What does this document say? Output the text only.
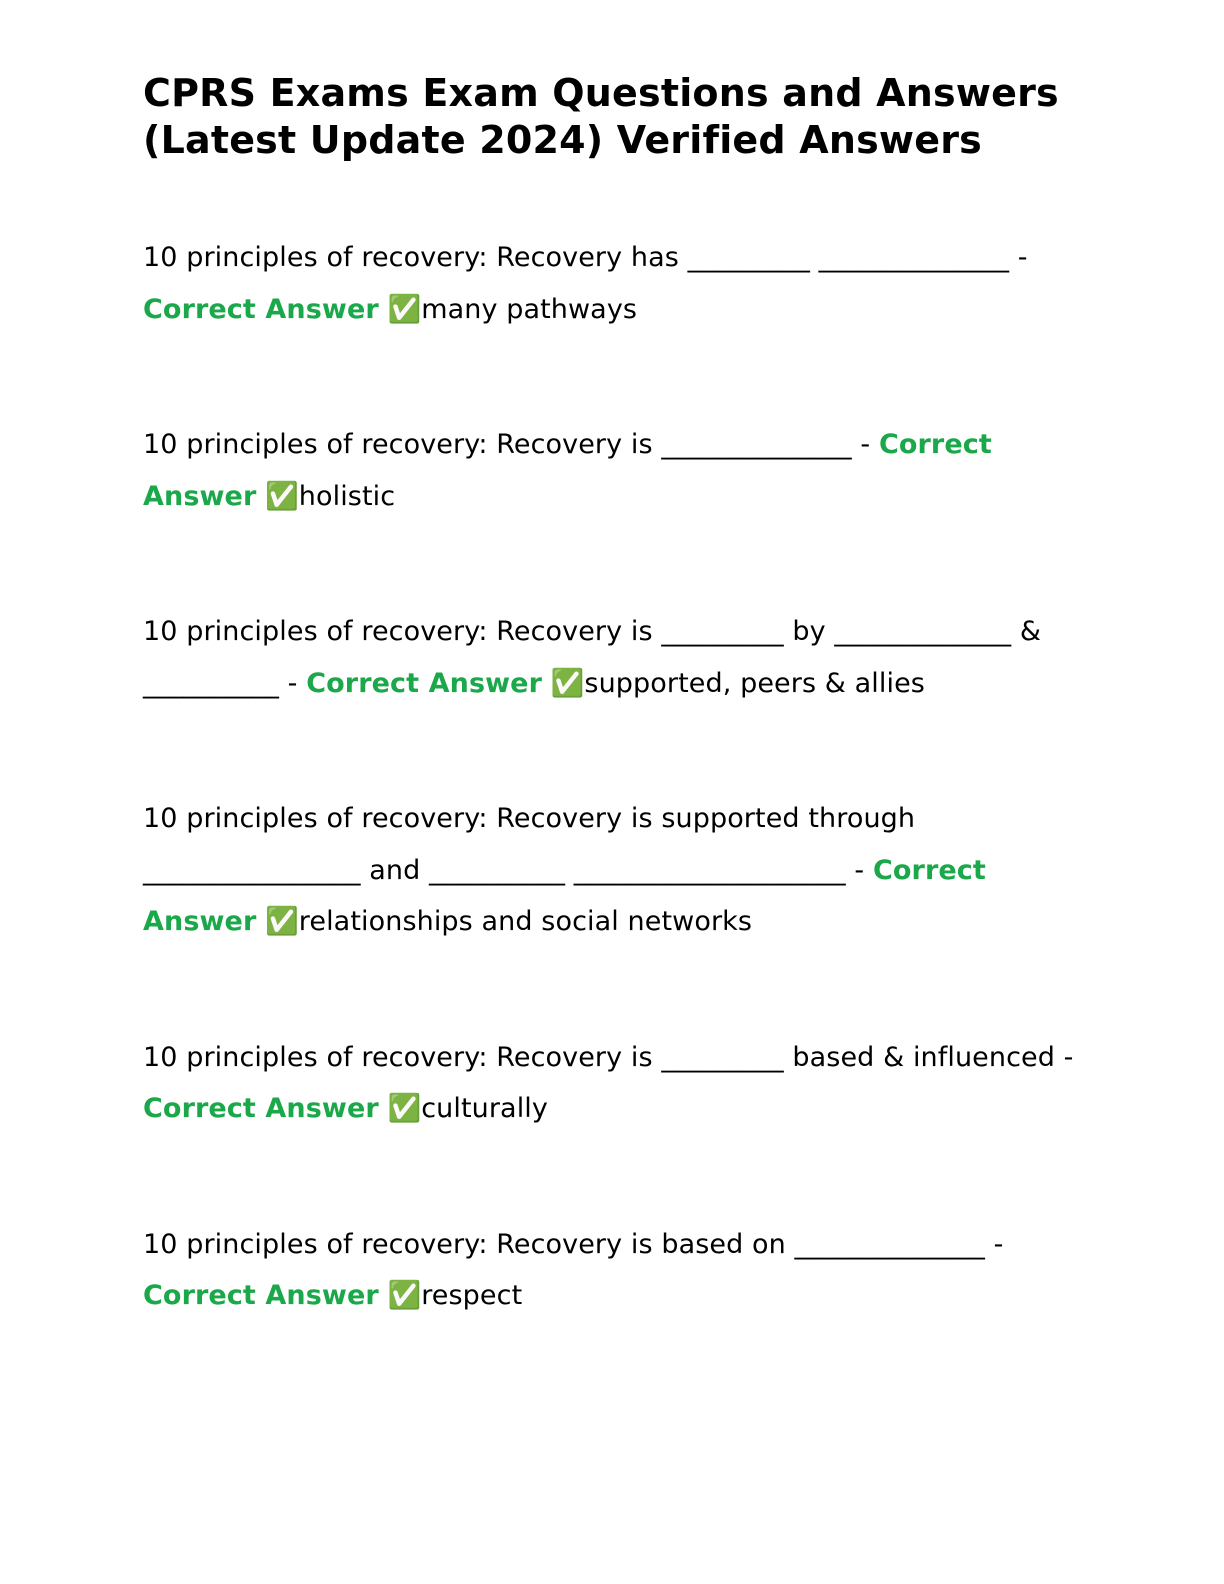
CPRS Exams Exam Questions and Answers (Latest Update 2024) Verified Answers

10 principles of recovery: Recovery has _________ ______________ - Correct Answer ✅many pathways

10 principles of recovery: Recovery is ______________ - Correct Answer ✅holistic

10 principles of recovery: Recovery is _________ by _____________ & __________ - Correct Answer ✅supported, peers & allies

10 principles of recovery: Recovery is supported through ________________ and __________ ____________________ - Correct Answer ✅relationships and social networks

10 principles of recovery: Recovery is _________ based & influenced - Correct Answer ✅culturally

10 principles of recovery: Recovery is based on ______________ - Correct Answer ✅respect
